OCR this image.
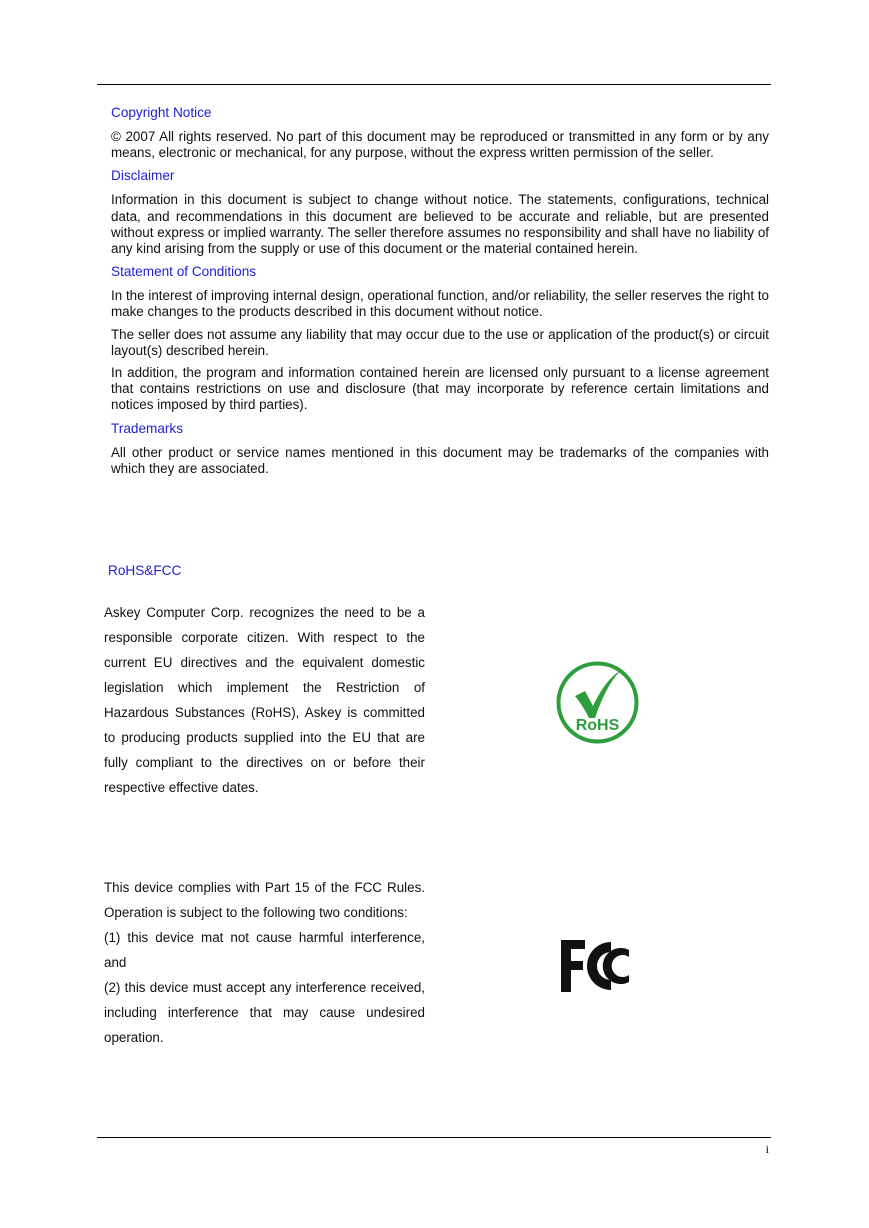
Copyright Notice

© 2007 All rights reserved. No part of this document may be reproduced or transmitted in any form or by any means, electronic or mechanical, for any purpose, without the express written permission of the seller.

Disclaimer

Information in this document is subject to change without notice. The statements, configurations, technical data, and recommendations in this document are believed to be accurate and reliable, but are presented without express or implied warranty. The seller therefore assumes no responsibility and shall have no liability of any kind arising from the supply or use of this document or the material contained herein.

Statement of Conditions

In the interest of improving internal design, operational function, and/or reliability, the seller reserves the right to make changes to the products described in this document without notice.

The seller does not assume any liability that may occur due to the use or application of the product(s) or circuit layout(s) described herein.

In addition, the program and information contained herein are licensed only pursuant to a license agreement that contains restrictions on use and disclosure (that may incorporate by reference certain limitations and notices imposed by third parties).

Trademarks

All other product or service names mentioned in this document may be trademarks of the companies with which they are associated.

RoHS&FCC

Askey Computer Corp. recognizes the need to be a responsible corporate citizen. With respect to the current EU directives and the equivalent domestic legislation which implement the Restriction of Hazardous Substances (RoHS), Askey is committed to producing products supplied into the EU that are fully compliant to the directives on or before their respective effective dates.

RoHS

This device complies with Part 15 of the FCC Rules. Operation is subject to the following two conditions:

(1) this device mat not cause harmful interference, and

(2) this device must accept any interference received, including interference that may cause undesired operation.

i
